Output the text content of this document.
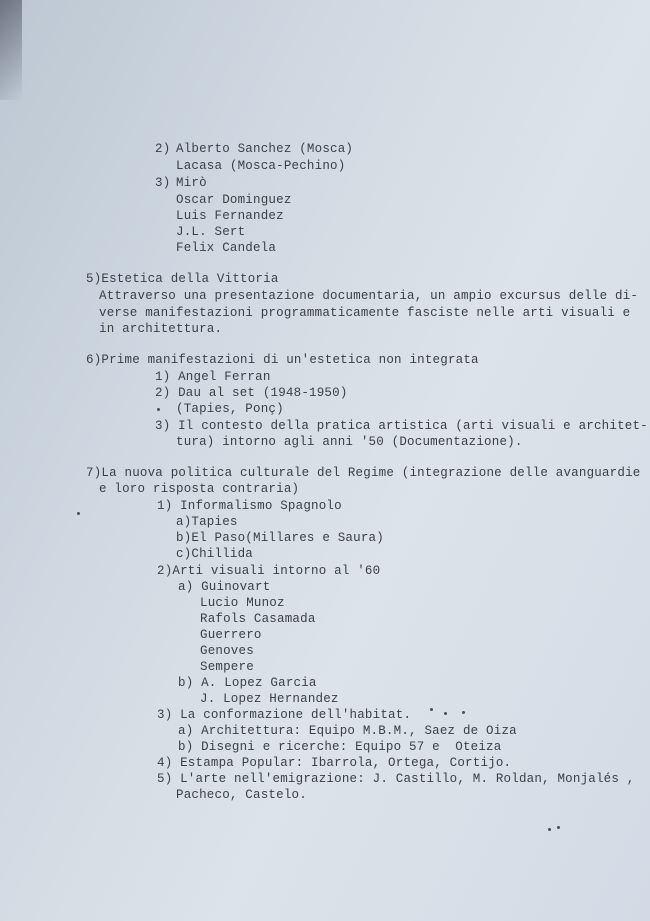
2) Alberto Sanchez (Mosca)
Lacasa (Mosca-Pechino)
3) Mirò
Oscar Dominguez
Luis Fernandez
J.L. Sert
Felix Candela
5)Estetica della Vittoria
Attraverso una presentazione documentaria, un ampio excursus delle di-
verse manifestazioni programmaticamente fasciste nelle arti visuali e
in architettura.
6)Prime manifestazioni di un'estetica non integrata
1) Angel Ferran
2) Dau al set (1948-1950)
(Tapies, Ponç)
3) Il contesto della pratica artistica (arti visuali e architet-
tura) intorno agli anni '50 (Documentazione).
7)La nuova politica culturale del Regime (integrazione delle avanguardie
e loro risposta contraria)
1) Informalismo Spagnolo
a)Tapies
b)El Paso(Millares e Saura)
c)Chillida
2)Arti visuali intorno al '60
a) Guinovart
Lucio Munoz
Rafols Casamada
Guerrero
Genoves
Sempere
b) A. Lopez Garcia
J. Lopez Hernandez
3) La conformazione dell'habitat.
a) Architettura: Equipo M.B.M., Saez de Oiza
b) Disegni e ricerche: Equipo 57 e  Oteiza
4) Estampa Popular: Ibarrola, Ortega, Cortijo.
5) L'arte nell'emigrazione: J. Castillo, M. Roldan, Monjalés ,
Pacheco, Castelo.
